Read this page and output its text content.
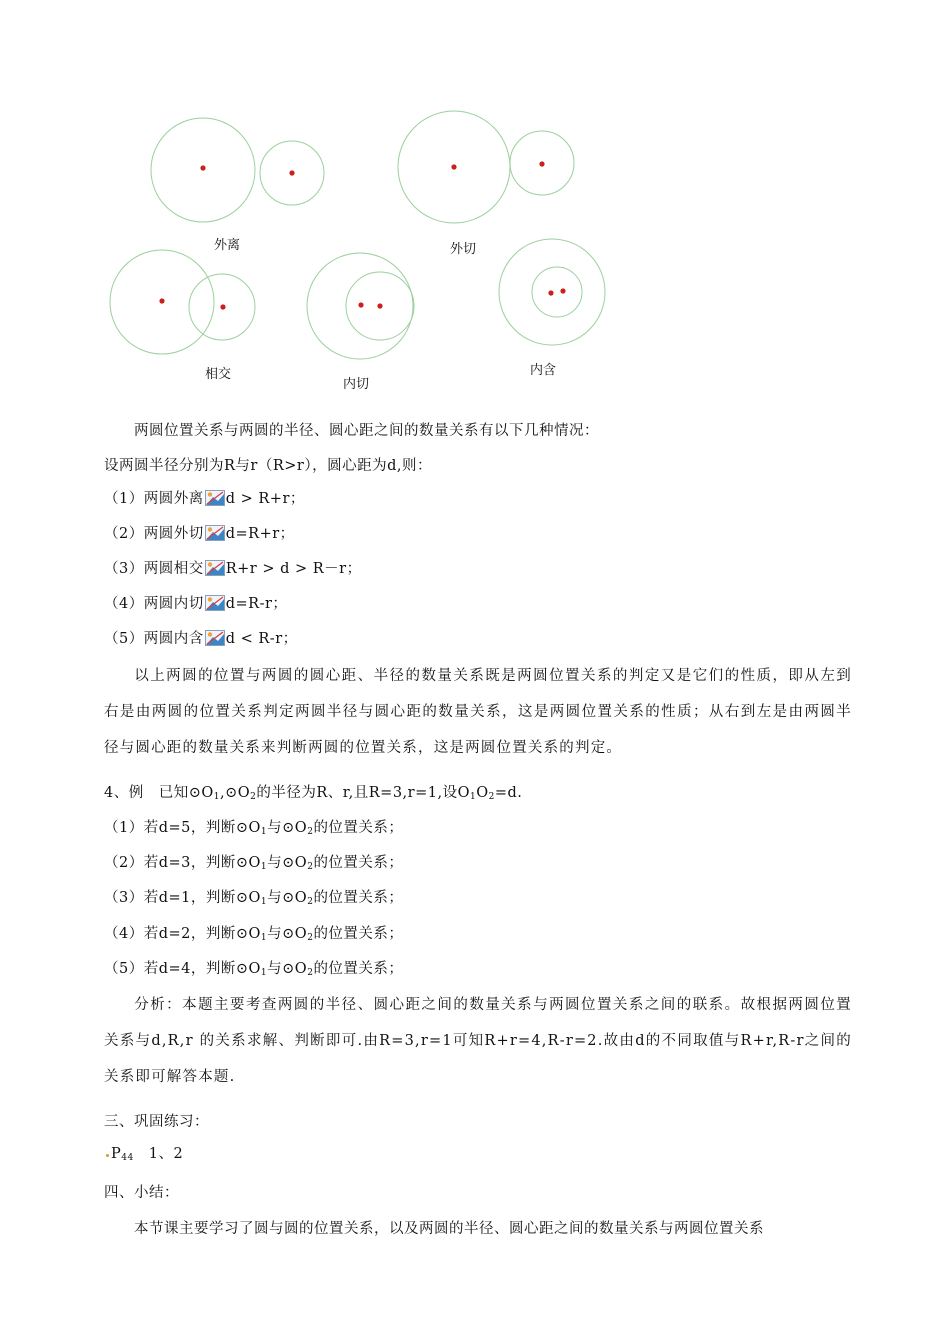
外离	外切
相交
内切
内含
两圆位置关系与两圆的半径、圆心距之间的数量关系有以下几种情况：
设两圆半径分别为R与r（R>r），圆心距为d,则：
（1）两圆外离 d > R+r；
（2）两圆外切 d=R+r；
（3）两圆相交 R+r > d > R－r；
（4）两圆内切 d=R-r；
（5）两圆内含 d < R-r；
以上两圆的位置与两圆的圆心距、半径的数量关系既是两圆位置关系的判定又是它们的性质，即从左到右是由两圆的位置关系判定两圆半径与圆心距的数量关系，这是两圆位置关系的性质；从右到左是由两圆半径与圆心距的数量关系来判断两圆的位置关系，这是两圆位置关系的判定。
4、例　已知$⊙O_1,⊙O_2$的半径为R、r,且R=3,r=1,设$O_1O_2=d$.
（1）若d=5，判断$⊙O_1$与$⊙O_2$的位置关系；
（2）若d=3，判断$⊙O_1$与$⊙O_2$的位置关系；
（3）若d=1，判断$⊙O_1$与$⊙O_2$的位置关系；
（4）若d=2，判断$⊙O_1$与$⊙O_2$的位置关系；
（5）若d=4，判断$⊙O_1$与$⊙O_2$的位置关系；
分析：本题主要考查两圆的半径、圆心距之间的数量关系与两圆位置关系之间的联系。故根据两圆位置关系与d,R,r 的关系求解、判断即可.由R=3,r=1可知R+r=4,R-r=2.故由d的不同取值与R+r,R-r之间的关系即可解答本题.
三、巩固练习：
$P_{44}$　1、2
四、小结：
本节课主要学习了圆与圆的位置关系，以及两圆的半径、圆心距之间的数量关系与两圆位置关系
